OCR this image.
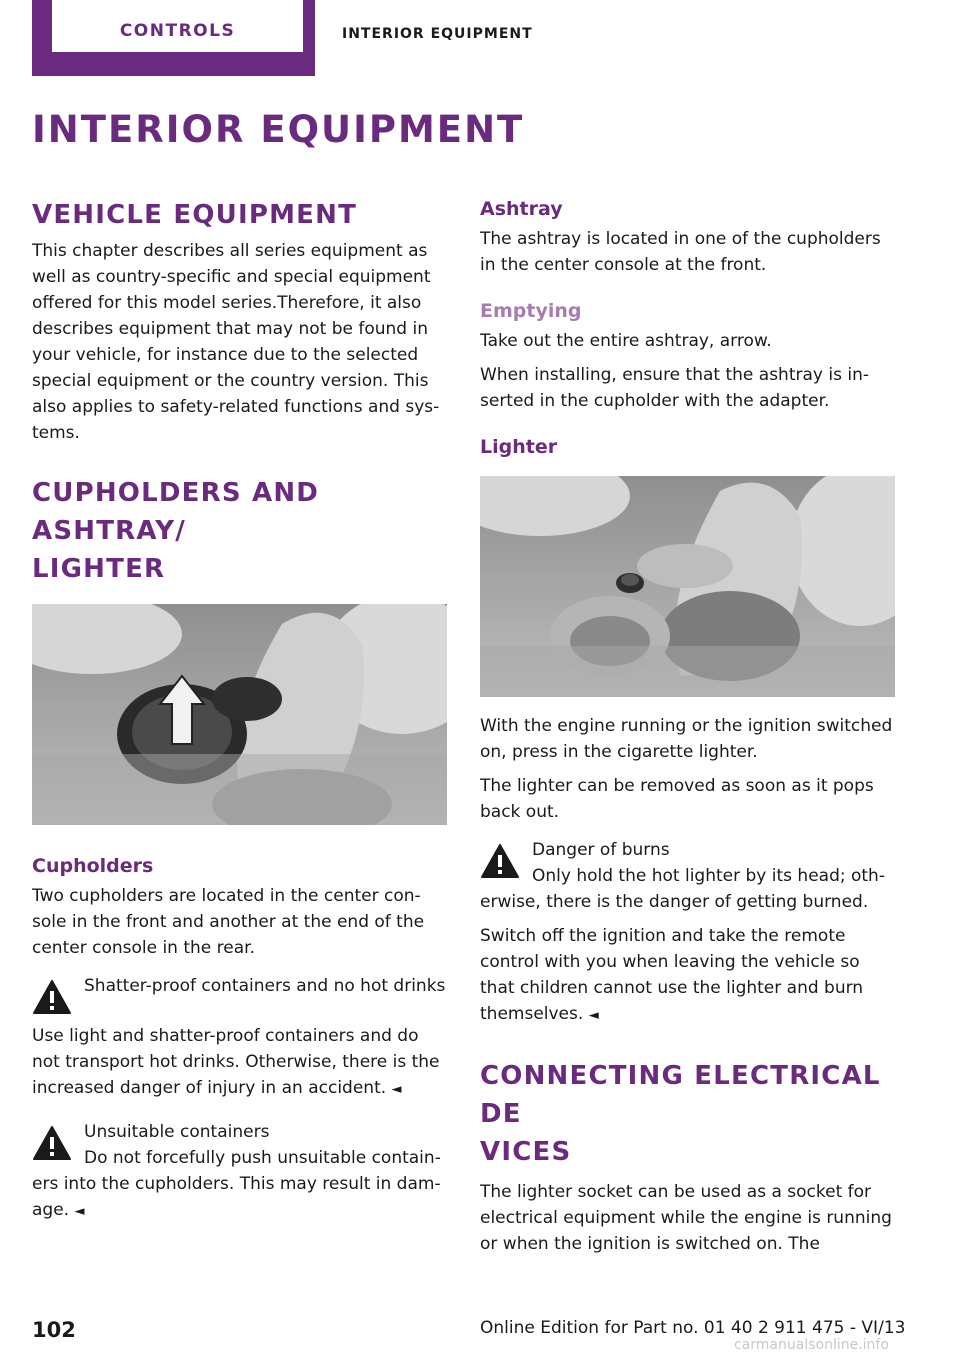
CONTROLS	INTERIOR EQUIPMENT
INTERIOR EQUIPMENT
VEHICLE EQUIPMENT

This chapter describes all series equipment as well as country-specific and special equipment offered for this model series.Therefore, it also describes equipment that may not be found in your vehicle, for instance due to the selected special equipment or the country version. This also applies to safety-related functions and systems.

CUPHOLDERS AND ASHTRAY/
LIGHTER
Cupholders

Two cupholders are located in the center console in the front and another at the end of the center console in the rear.

Shatter-proof containers and no hot drinks

Use light and shatter-proof containers and do not transport hot drinks. Otherwise, there is the increased danger of injury in an accident. ◄

Unsuitable containers

Do not forcefully push unsuitable containers into the cupholders. This may result in damage. ◄

Ashtray

The ashtray is located in one of the cupholders in the center console at the front.

Emptying

Take out the entire ashtray, arrow.

When installing, ensure that the ashtray is inserted in the cupholder with the adapter.

Lighter

With the engine running or the ignition switched on, press in the cigarette lighter.

The lighter can be removed as soon as it pops back out.

Danger of burns

Only hold the hot lighter by its head; otherwise, there is the danger of getting burned.

Switch off the ignition and take the remote control with you when leaving the vehicle so that children cannot use the lighter and burn themselves. ◄

CONNECTING ELECTRICAL DE
VICES

The lighter socket can be used as a socket for electrical equipment while the engine is running or when the ignition is switched on. The

102	Online Edition for Part no. 01 40 2 911 475 - VI/13
carmanualsonline.info
